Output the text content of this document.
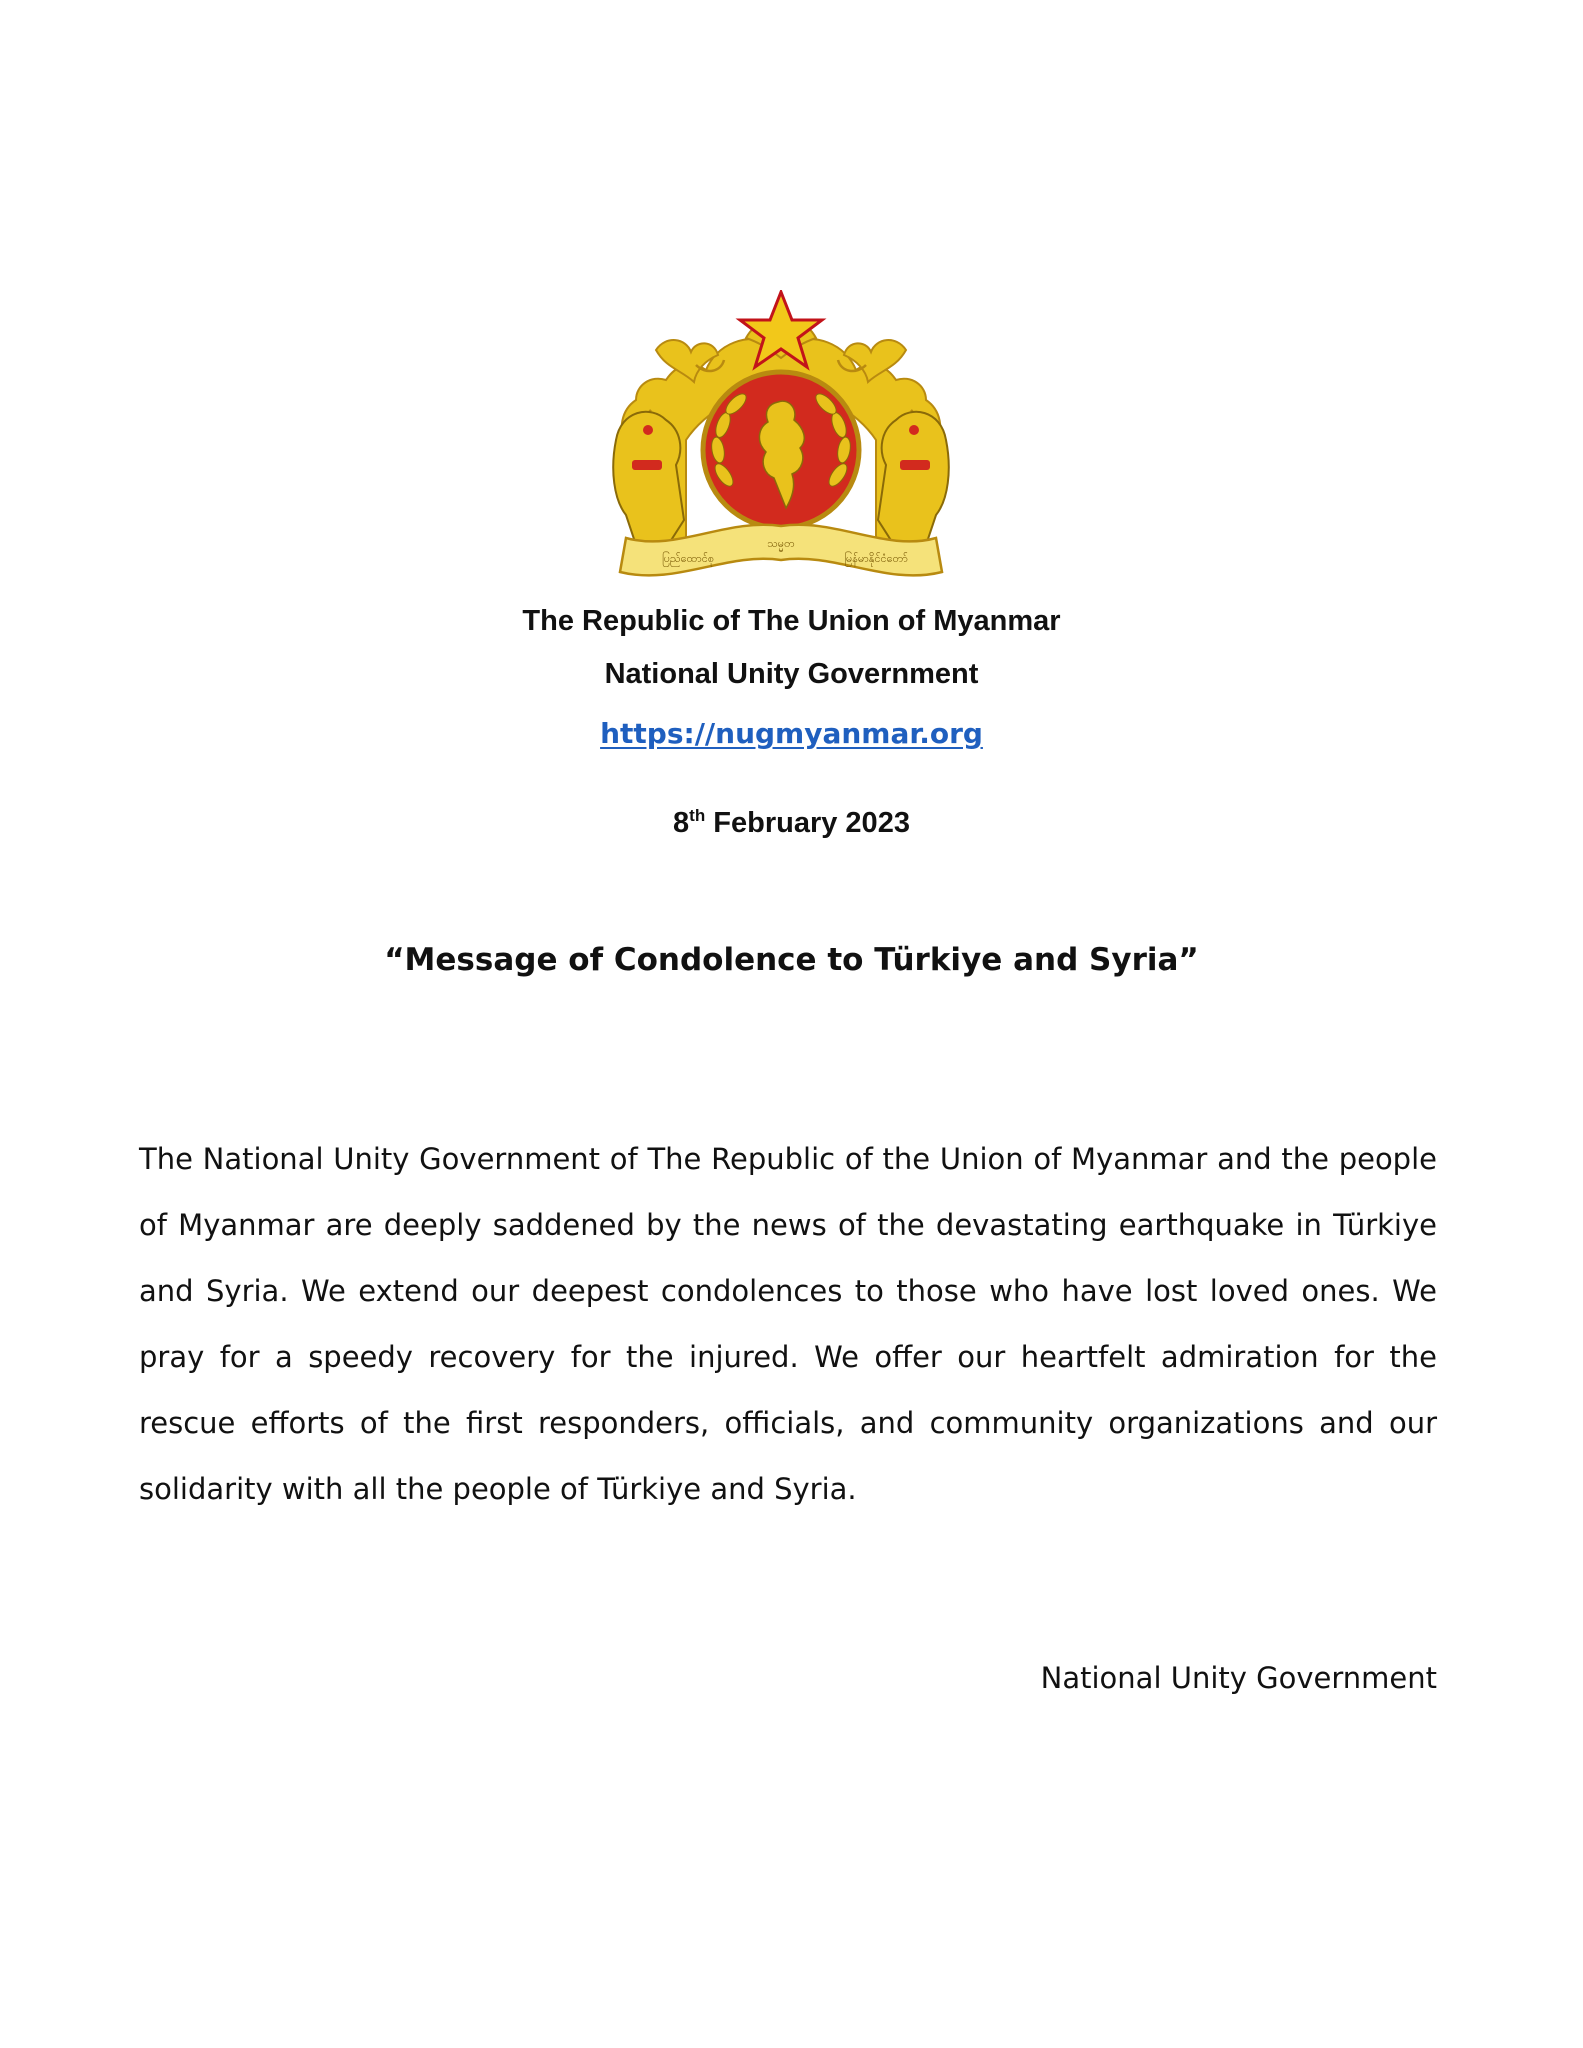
ပြည်ထောင်စု
သမ္မတ
မြန်မာနိုင်ငံတော်
The Republic of The Union of Myanmar
National Unity Government
https://nugmyanmar.org
8th February 2023
“Message of Condolence to Türkiye and Syria”

The National Unity Government of The Republic of the Union of Myanmar and the people of Myanmar are deeply saddened by the news of the devastating earthquake in Türkiye and Syria. We extend our deepest condolences to those who have lost loved ones. We pray for a speedy recovery for the injured. We offer our heartfelt admiration for the rescue efforts of the first responders, officials, and community organizations and our solidarity with all the people of Türkiye and Syria.

National Unity Government
